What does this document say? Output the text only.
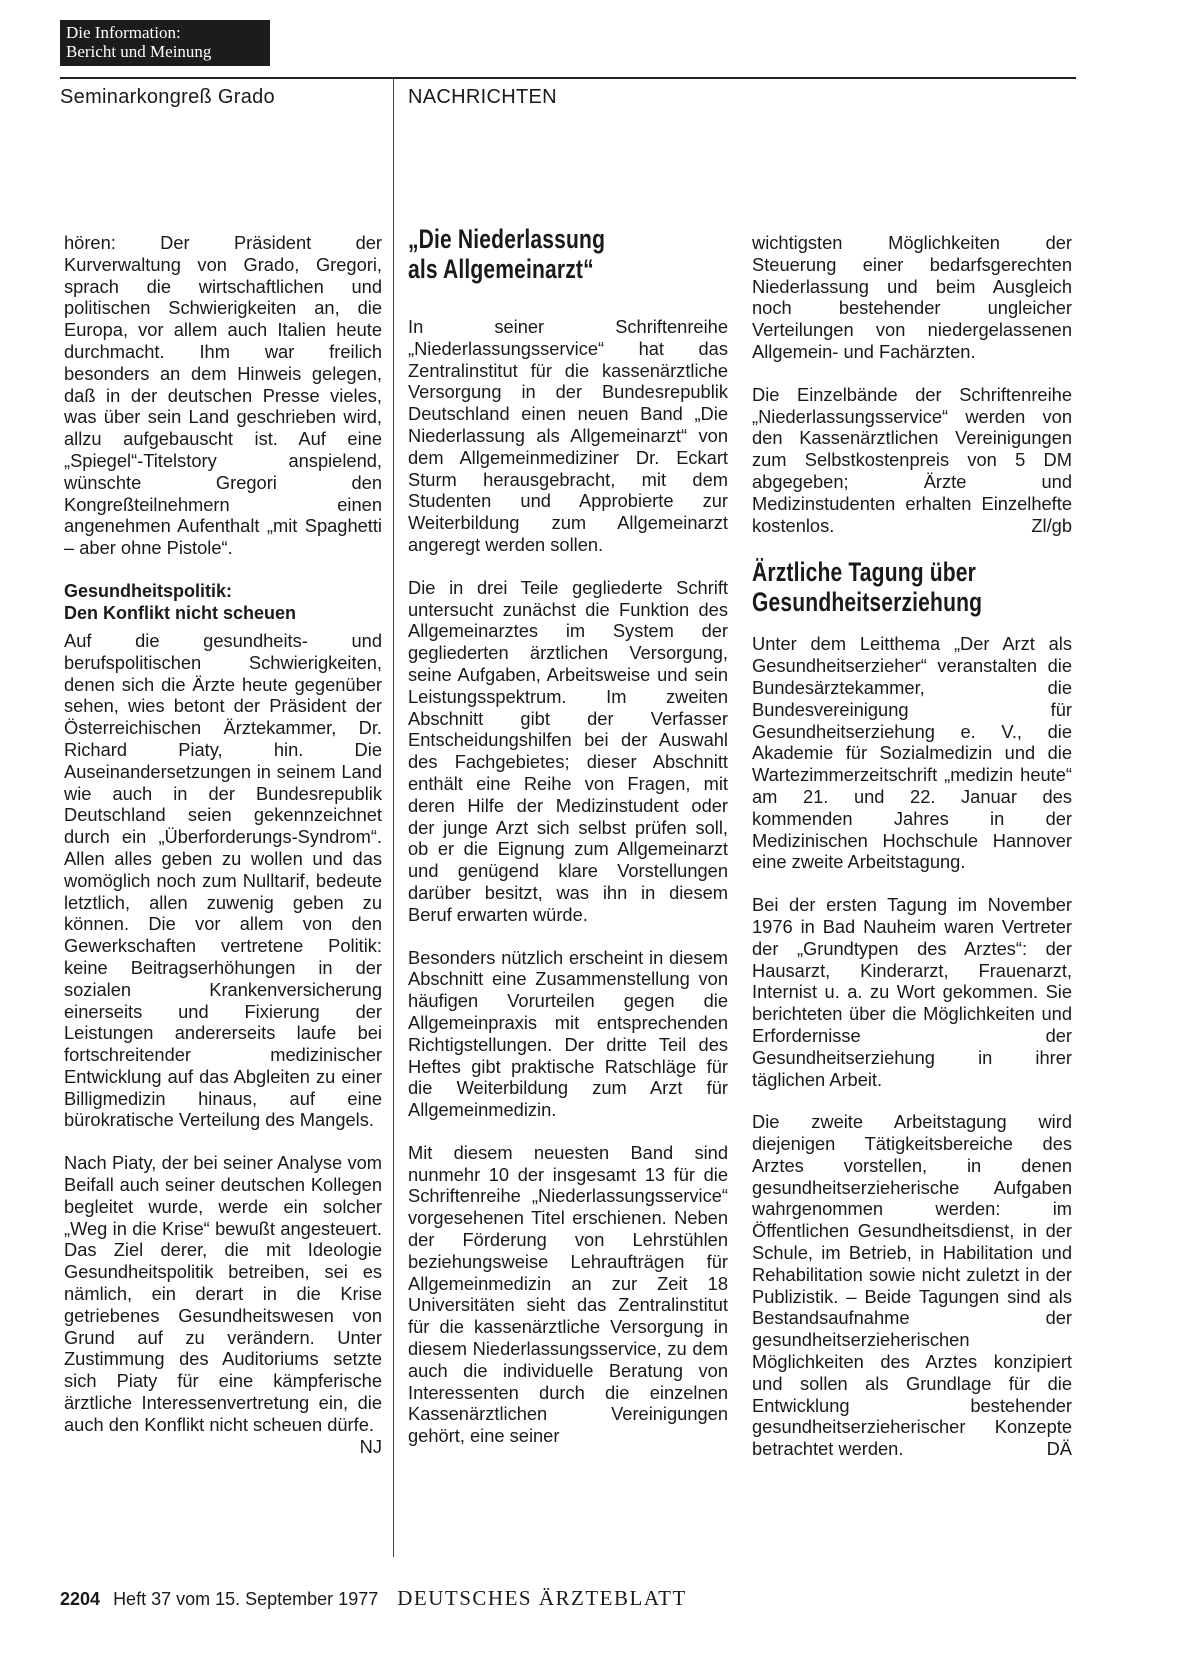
Die Information:
Bericht und Meinung
Seminarkongreß Grado	NACHRICHTEN

hören: Der Präsident der Kurverwaltung von Grado, Gregori, sprach die wirtschaftlichen und politischen Schwierigkeiten an, die Europa, vor allem auch Italien heute durchmacht. Ihm war freilich besonders an dem Hinweis gelegen, daß in der deutschen Presse vieles, was über sein Land geschrieben wird, allzu aufgebauscht ist. Auf eine „Spiegel“-Titelstory anspielend, wünschte Gregori den Kongreßteilnehmern einen angenehmen Aufenthalt „mit Spaghetti – aber ohne Pistole“.

Gesundheitspolitik:
Den Konflikt nicht scheuen

Auf die gesundheits- und berufspolitischen Schwierigkeiten, denen sich die Ärzte heute gegenüber sehen, wies betont der Präsident der Österreichischen Ärztekammer, Dr. Richard Piaty, hin. Die Auseinandersetzungen in seinem Land wie auch in der Bundesrepublik Deutschland seien gekennzeichnet durch ein „Überforderungs-Syndrom“. Allen alles geben zu wollen und das womöglich noch zum Nulltarif, bedeute letztlich, allen zuwenig geben zu können. Die vor allem von den Gewerkschaften vertretene Politik: keine Beitragserhöhungen in der sozialen Krankenversicherung einerseits und Fixierung der Leistungen andererseits laufe bei fortschreitender medizinischer Entwicklung auf das Abgleiten zu einer Billigmedizin hinaus, auf eine bürokratische Verteilung des Mangels.

Nach Piaty, der bei seiner Analyse vom Beifall auch seiner deutschen Kollegen begleitet wurde, werde ein solcher „Weg in die Krise“ bewußt angesteuert. Das Ziel derer, die mit Ideologie Gesundheitspolitik betreiben, sei es nämlich, ein derart in die Krise getriebenes Gesundheitswesen von Grund auf zu verändern. Unter Zustimmung des Auditoriums setzte sich Piaty für eine kämpferische ärztliche Interessenvertretung ein, die auch den Konflikt nicht scheuen dürfe.
NJ

„Die Niederlassung
als Allgemeinarzt“

In seiner Schriftenreihe „Niederlassungsservice“ hat das Zentralinstitut für die kassenärztliche Versorgung in der Bundesrepublik Deutschland einen neuen Band „Die Niederlassung als Allgemeinarzt“ von dem Allgemeinmediziner Dr. Eckart Sturm herausgebracht, mit dem Studenten und Approbierte zur Weiterbildung zum Allgemeinarzt angeregt werden sollen.

Die in drei Teile gegliederte Schrift untersucht zunächst die Funktion des Allgemeinarztes im System der gegliederten ärztlichen Versorgung, seine Aufgaben, Arbeitsweise und sein Leistungsspektrum. Im zweiten Abschnitt gibt der Verfasser Entscheidungshilfen bei der Auswahl des Fachgebietes; dieser Abschnitt enthält eine Reihe von Fragen, mit deren Hilfe der Medizinstudent oder der junge Arzt sich selbst prüfen soll, ob er die Eignung zum Allgemeinarzt und genügend klare Vorstellungen darüber besitzt, was ihn in diesem Beruf erwarten würde.

Besonders nützlich erscheint in diesem Abschnitt eine Zusammenstellung von häufigen Vorurteilen gegen die Allgemeinpraxis mit entsprechenden Richtigstellungen. Der dritte Teil des Heftes gibt praktische Ratschläge für die Weiterbildung zum Arzt für Allgemeinmedizin.

Mit diesem neuesten Band sind nunmehr 10 der insgesamt 13 für die Schriftenreihe „Niederlassungsservice“ vorgesehenen Titel erschienen. Neben der Förderung von Lehrstühlen beziehungsweise Lehraufträgen für Allgemeinmedizin an zur Zeit 18 Universitäten sieht das Zentralinstitut für die kassenärztliche Versorgung in diesem Niederlassungsservice, zu dem auch die individuelle Beratung von Interessenten durch die einzelnen Kassenärztlichen Vereinigungen gehört, eine seiner

wichtigsten Möglichkeiten der Steuerung einer bedarfsgerechten Niederlassung und beim Ausgleich noch bestehender ungleicher Verteilungen von niedergelassenen Allgemein- und Fachärzten.

Die Einzelbände der Schriftenreihe „Niederlassungsservice“ werden von den Kassenärztlichen Vereinigungen zum Selbstkostenpreis von 5 DM abgegeben; Ärzte und Medizinstudenten erhalten Einzelhefte kostenlos.	Zl/gb

Ärztliche Tagung über
Gesundheitserziehung

Unter dem Leitthema „Der Arzt als Gesundheitserzieher“ veranstalten die Bundesärztekammer, die Bundesvereinigung für Gesundheitserziehung e. V., die Akademie für Sozialmedizin und die Wartezimmerzeitschrift „medizin heute“ am 21. und 22. Januar des kommenden Jahres in der Medizinischen Hochschule Hannover eine zweite Arbeitstagung.

Bei der ersten Tagung im November 1976 in Bad Nauheim waren Vertreter der „Grundtypen des Arztes“: der Hausarzt, Kinderarzt, Frauenarzt, Internist u. a. zu Wort gekommen. Sie berichteten über die Möglichkeiten und Erfordernisse der Gesundheitserziehung in ihrer täglichen Arbeit.

Die zweite Arbeitstagung wird diejenigen Tätigkeitsbereiche des Arztes vorstellen, in denen gesundheitserzieherische Aufgaben wahrgenommen werden: im Öffentlichen Gesundheitsdienst, in der Schule, im Betrieb, in Habilitation und Rehabilitation sowie nicht zuletzt in der Publizistik. – Beide Tagungen sind als Bestandsaufnahme der gesundheitserzieherischen Möglichkeiten des Arztes konzipiert und sollen als Grundlage für die Entwicklung bestehender gesundheitserzieherischer Konzepte betrachtet werden.	DÄ

2204 Heft 37 vom 15. September 1977 DEUTSCHES ÄRZTEBLATT
